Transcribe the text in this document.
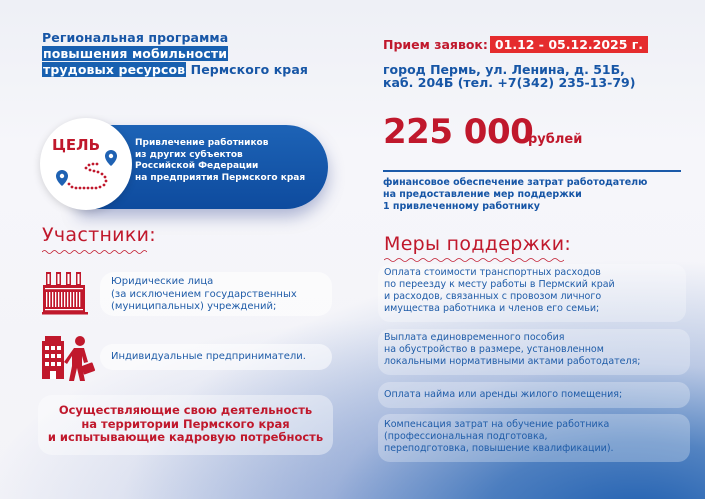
Региональная программа
повышения мобильности
трудовых ресурсов Пермского края
Прием заявок: 01.12 - 05.12.2025 г.
город Пермь, ул. Ленина, д. 51Б,
каб. 204Б (тел. +7(342) 235-13-79)
ЦЕЛЬ	Привлечение работников
из других субъектов
Российской Федерации
на предприятия Пермского края
225 000
рублей
финансовое обеспечение затрат работодателю
на предоставление мер поддержки
1 привлеченному работнику
Участники:
Юридические лица
(за исключением государственных
(муниципальных) учреждений;
Индивидуальные предприниматели.
Осуществляющие свою деятельность
на территории Пермского края
и испытывающие кадровую потребность
Меры поддержки:
Оплата стоимости транспортных расходов
по переезду к месту работы в Пермский край
и расходов, связанных с провозом личного
имущества работника и членов его семьи;
Выплата единовременного пособия
на обустройство в размере, установленном
локальными нормативными актами работодателя;
Оплата найма или аренды жилого помещения;
Компенсация затрат на обучение работника
(профессиональная подготовка,
переподготовка, повышение квалификации).
